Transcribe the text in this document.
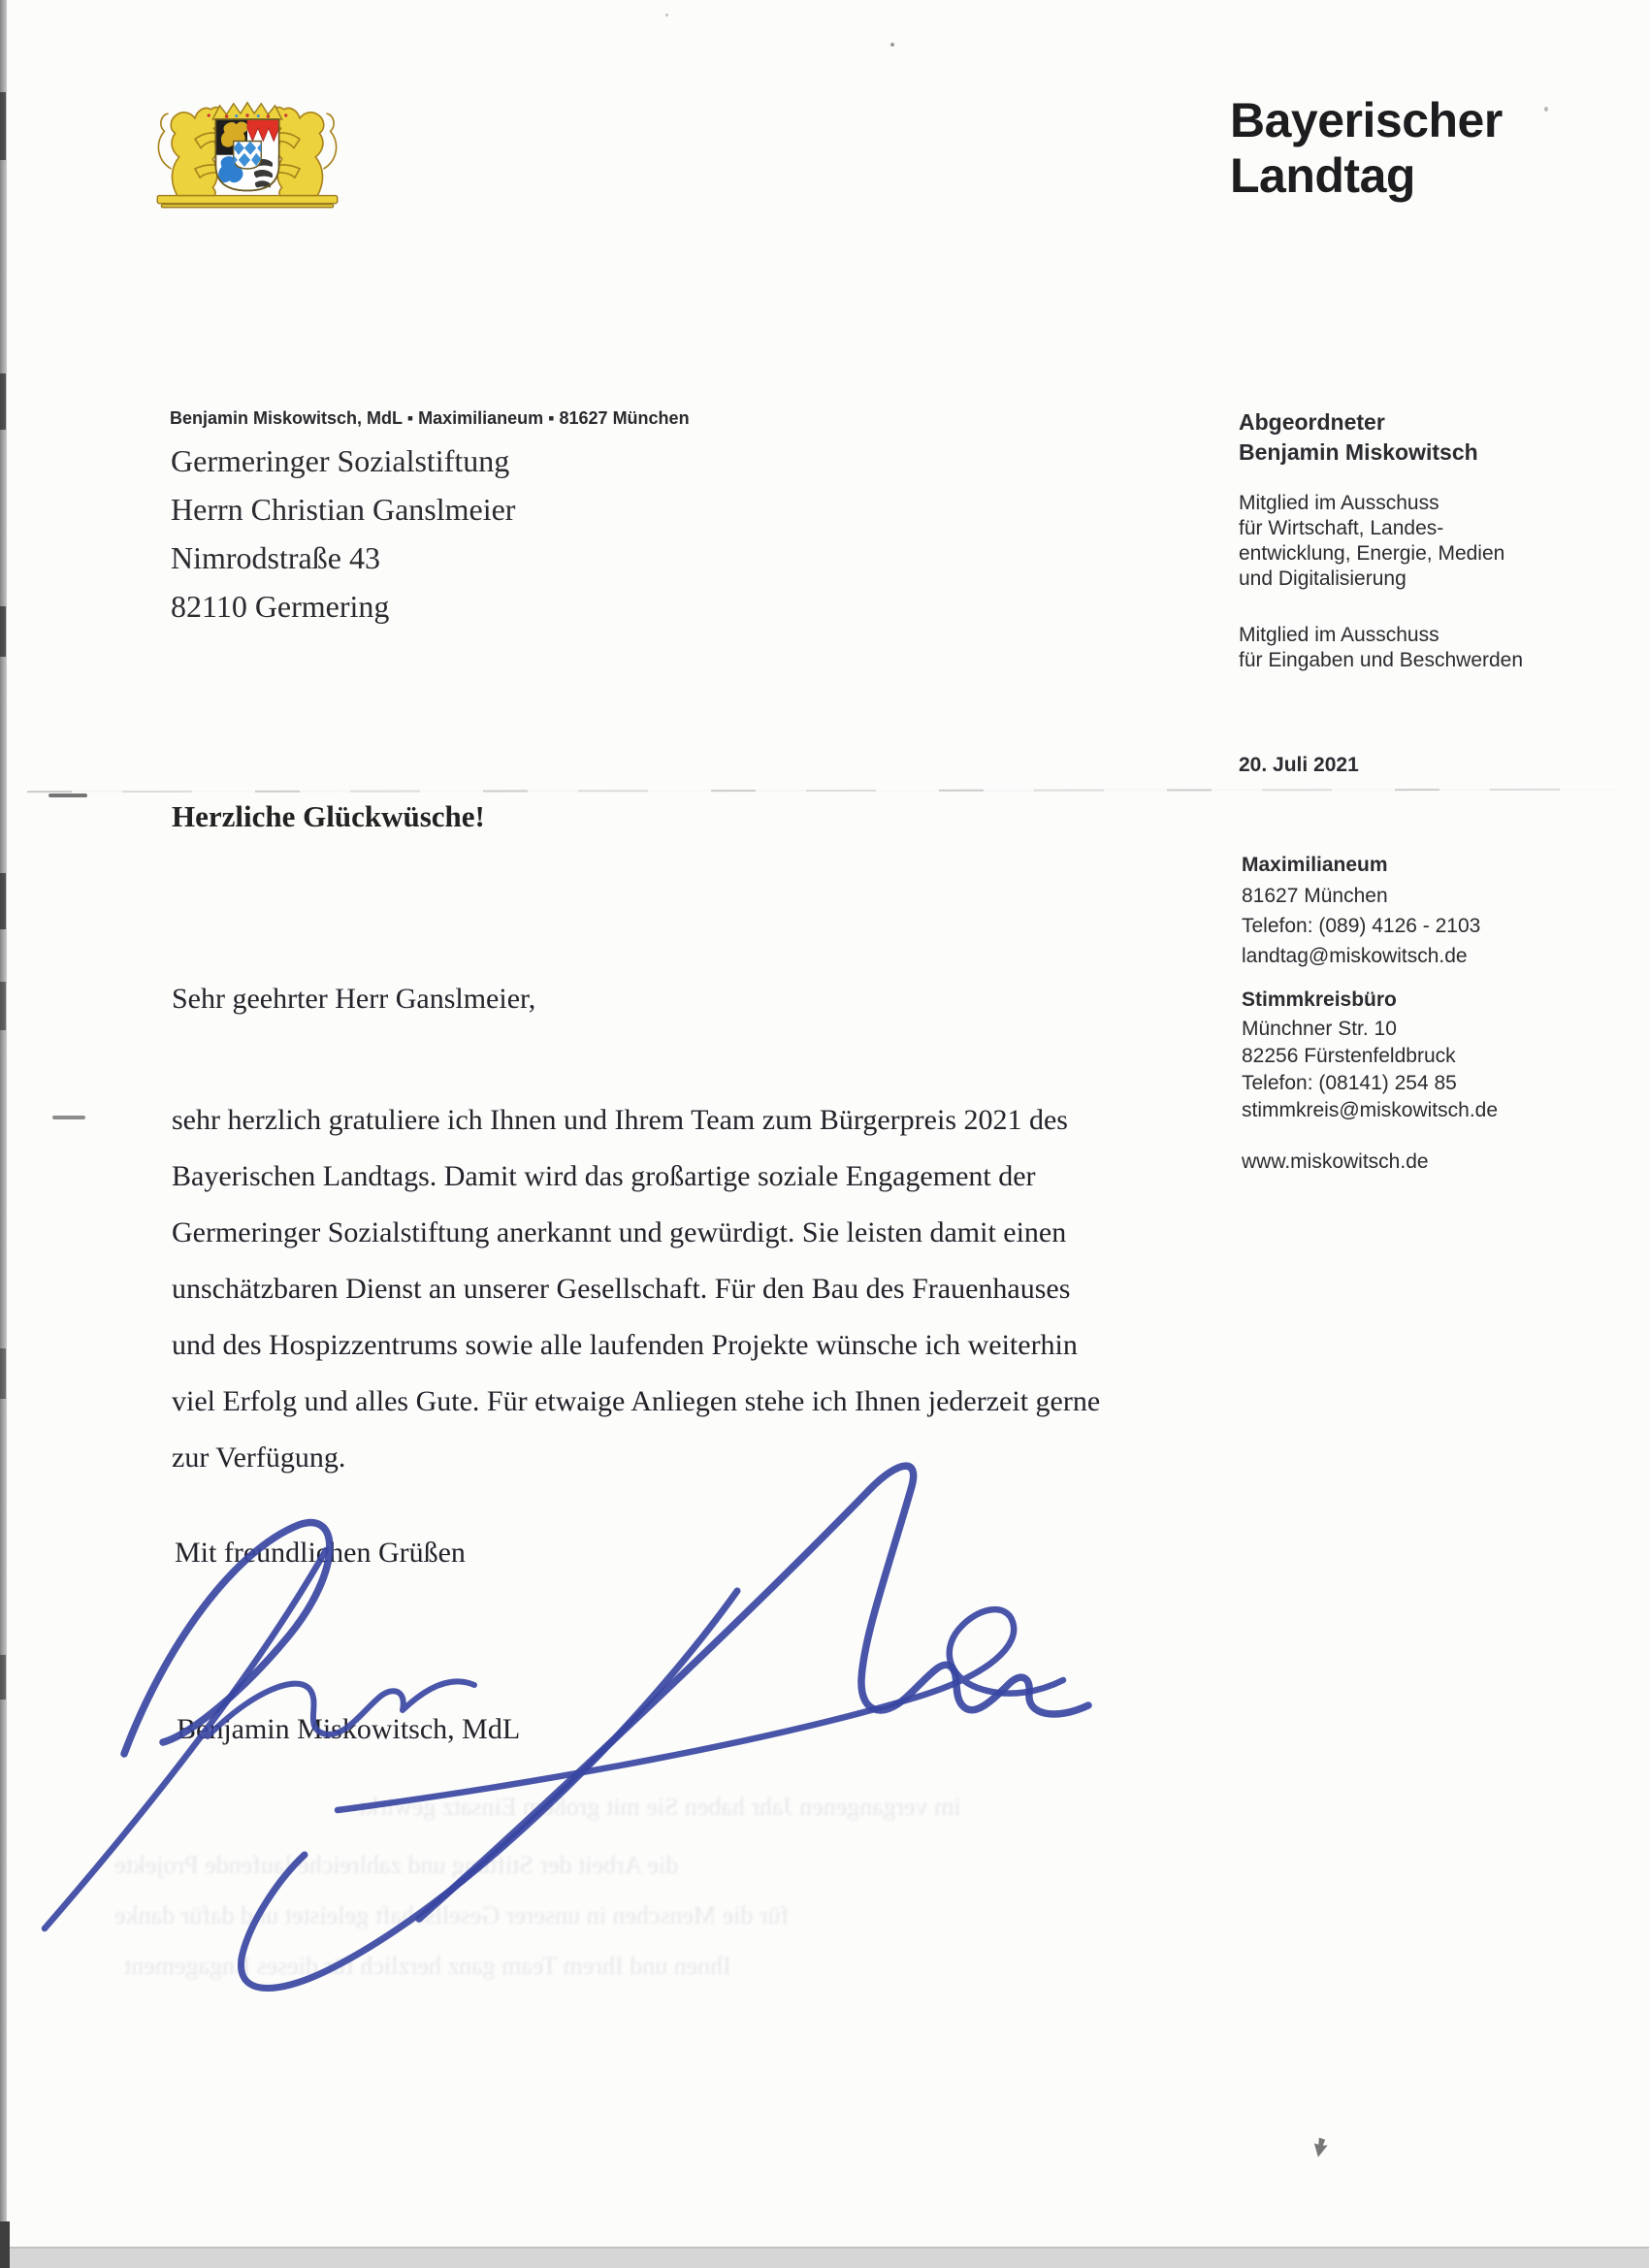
Bayerischer
Landtag
Benjamin Miskowitsch, MdL ▪ Maximilianeum ▪ 81627 München
Germeringer Sozialstiftung
Herrn Christian Ganslmeier
Nimrodstraße 43
82110 Germering
Abgeordneter
Benjamin Miskowitsch
Mitglied im Ausschuss
für Wirtschaft, Landes-
entwicklung, Energie, Medien
und Digitalisierung
Mitglied im Ausschuss
für Eingaben und Beschwerden
20. Juli 2021
Maximilianeum
81627 München
Telefon: (089) 4126 - 2103
landtag@miskowitsch.de
Stimmkreisbüro
Münchner Str. 10
82256 Fürstenfeldbruck
Telefon: (08141) 254 85
stimmkreis@miskowitsch.de
www.miskowitsch.de
Herzliche Glückwüsche!
Sehr geehrter Herr Ganslmeier,
sehr herzlich gratuliere ich Ihnen und Ihrem Team zum Bürgerpreis 2021 des
Bayerischen Landtags. Damit wird das großartige soziale Engagement der
Germeringer Sozialstiftung anerkannt und gewürdigt. Sie leisten damit einen
unschätzbaren Dienst an unserer Gesellschaft. Für den Bau des Frauenhauses
und des Hospizzentrums sowie alle laufenden Projekte wünsche ich weiterhin
viel Erfolg und alles Gute. Für etwaige Anliegen stehe ich Ihnen jederzeit gerne
zur Verfügung.
Mit freundlichen Grüßen
Benjamin Miskowitsch, MdL
im vergangenen Jahr haben Sie mit großem Einsatz gewirkt
die Arbeit der Stiftung und zahlreiche laufende Projekte
für die Menschen in unserer Gesellschaft geleistet und dafür danke
Ihnen und Ihrem Team ganz herzlich für dieses Engagement
